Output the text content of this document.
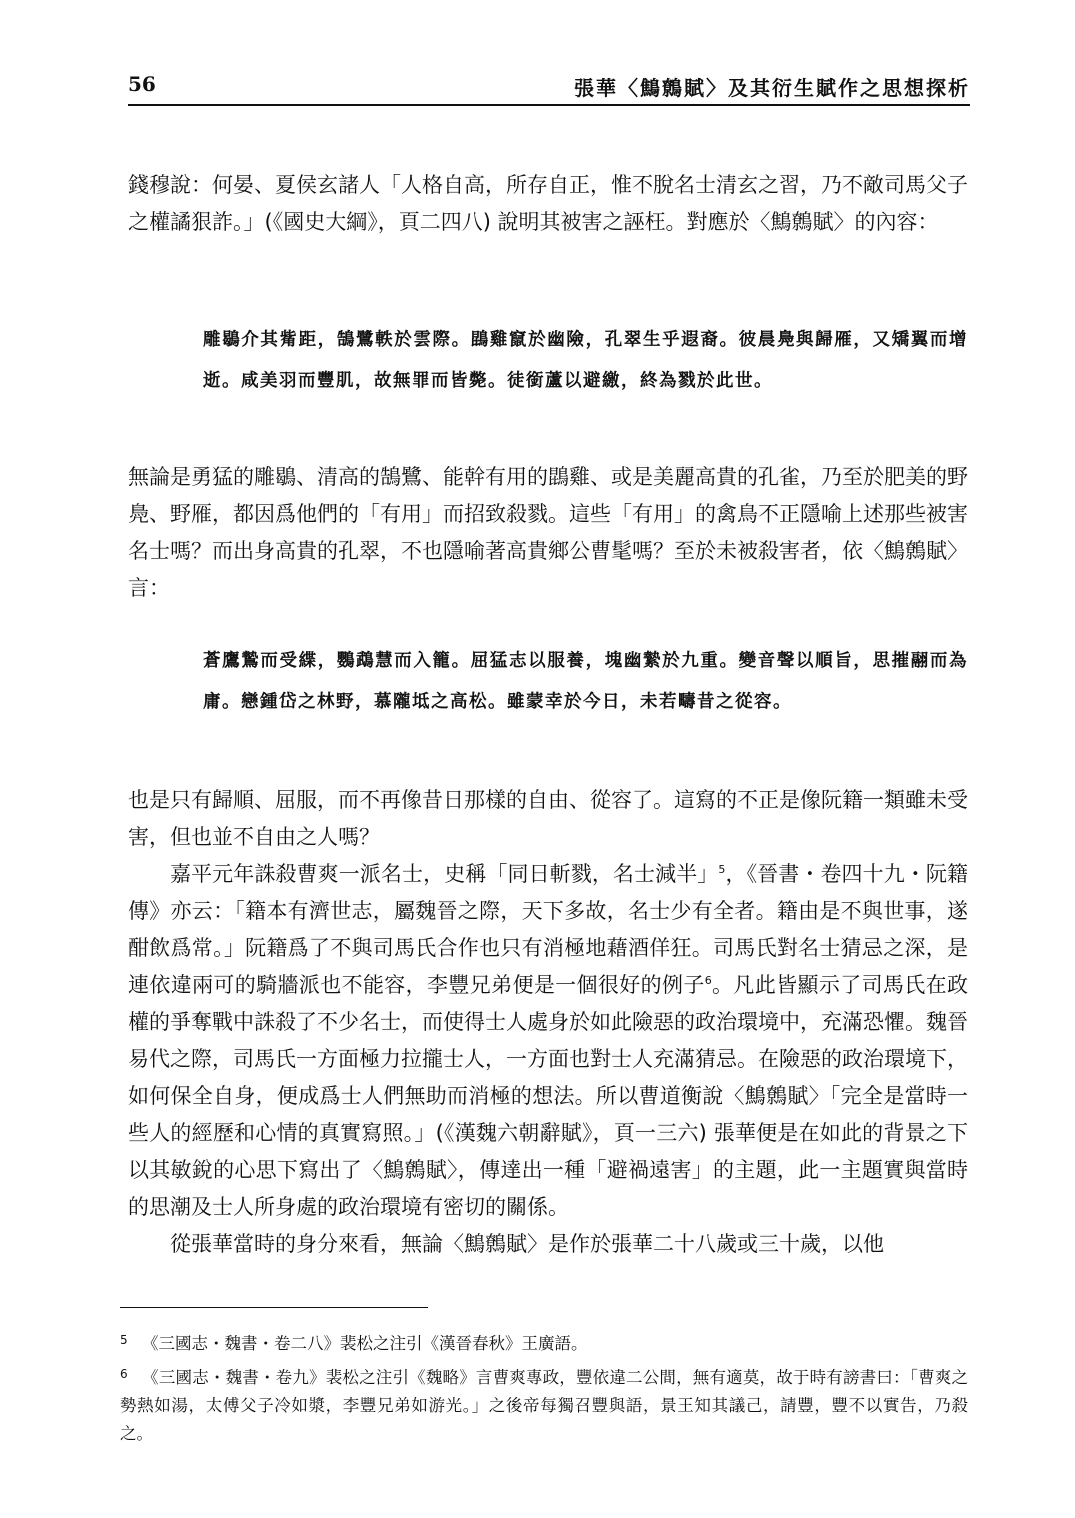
56	張華〈鷦鷯賦〉及其衍生賦作之思想探析

錢穆說：何晏、夏侯玄諸人「人格自高，所存自正，惟不脫名士清玄之習，乃不敵司馬父子之權譎狠詐。」(《國史大綱》，頁二四八) 說明其被害之誣枉。對應於〈鷦鷯賦〉的內容：

雕鶡介其觜距，鵠鷺軼於雲際。鵾雞竄於幽險，孔翠生乎遐裔。彼晨鳧與歸雁，又矯翼而增逝。咸美羽而豐肌，故無罪而皆斃。徒銜蘆以避繳，終為戮於此世。

無論是勇猛的雕鶡、清高的鵠鷺、能幹有用的鵾雞、或是美麗高貴的孔雀，乃至於肥美的野鳧、野雁，都因爲他們的「有用」而招致殺戮。這些「有用」的禽鳥不正隱喻上述那些被害名士嗎？而出身高貴的孔翠，不也隱喻著高貴鄉公曹髦嗎？至於未被殺害者，依〈鷦鷯賦〉言：

蒼鷹鷙而受緤，鸚鵡慧而入籠。屈猛志以服養，塊幽縶於九重。變音聲以順旨，思摧翮而為庸。戀鍾岱之林野，慕隴坻之高松。雖蒙幸於今日，未若疇昔之從容。

也是只有歸順、屈服，而不再像昔日那樣的自由、從容了。這寫的不正是像阮籍一類雖未受害，但也並不自由之人嗎？

嘉平元年誅殺曹爽一派名士，史稱「同日斬戮，名士減半」$^5$，《晉書・卷四十九・阮籍傳》亦云：「籍本有濟世志，屬魏晉之際，天下多故，名士少有全者。籍由是不與世事，遂酣飲爲常。」阮籍爲了不與司馬氏合作也只有消極地藉酒佯狂。司馬氏對名士猜忌之深，是連依違兩可的騎牆派也不能容，李豐兄弟便是一個很好的例子$^6$。凡此皆顯示了司馬氏在政權的爭奪戰中誅殺了不少名士，而使得士人處身於如此險惡的政治環境中，充滿恐懼。魏晉易代之際，司馬氏一方面極力拉攏士人，一方面也對士人充滿猜忌。在險惡的政治環境下，如何保全自身，便成爲士人們無助而消極的想法。所以曹道衡說〈鷦鷯賦〉「完全是當時一些人的經歷和心情的真實寫照。」(《漢魏六朝辭賦》，頁一三六) 張華便是在如此的背景之下以其敏銳的心思下寫出了〈鷦鷯賦〉，傳達出一種「避禍遠害」的主題，此一主題實與當時的思潮及士人所身處的政治環境有密切的關係。

從張華當時的身分來看，無論〈鷦鷯賦〉是作於張華二十八歲或三十歲，以他

5 《三國志・魏書・卷二八》裴松之注引《漢晉春秋》王廣語。
6 《三國志・魏書・卷九》裴松之注引《魏略》言曹爽專政，豐依違二公間，無有適莫，故于時有謗書曰：「曹爽之勢熱如湯，太傅父子冷如漿，李豐兄弟如游光。」之後帝每獨召豐與語，景王知其議己，請豐，豐不以實告，乃殺之。
